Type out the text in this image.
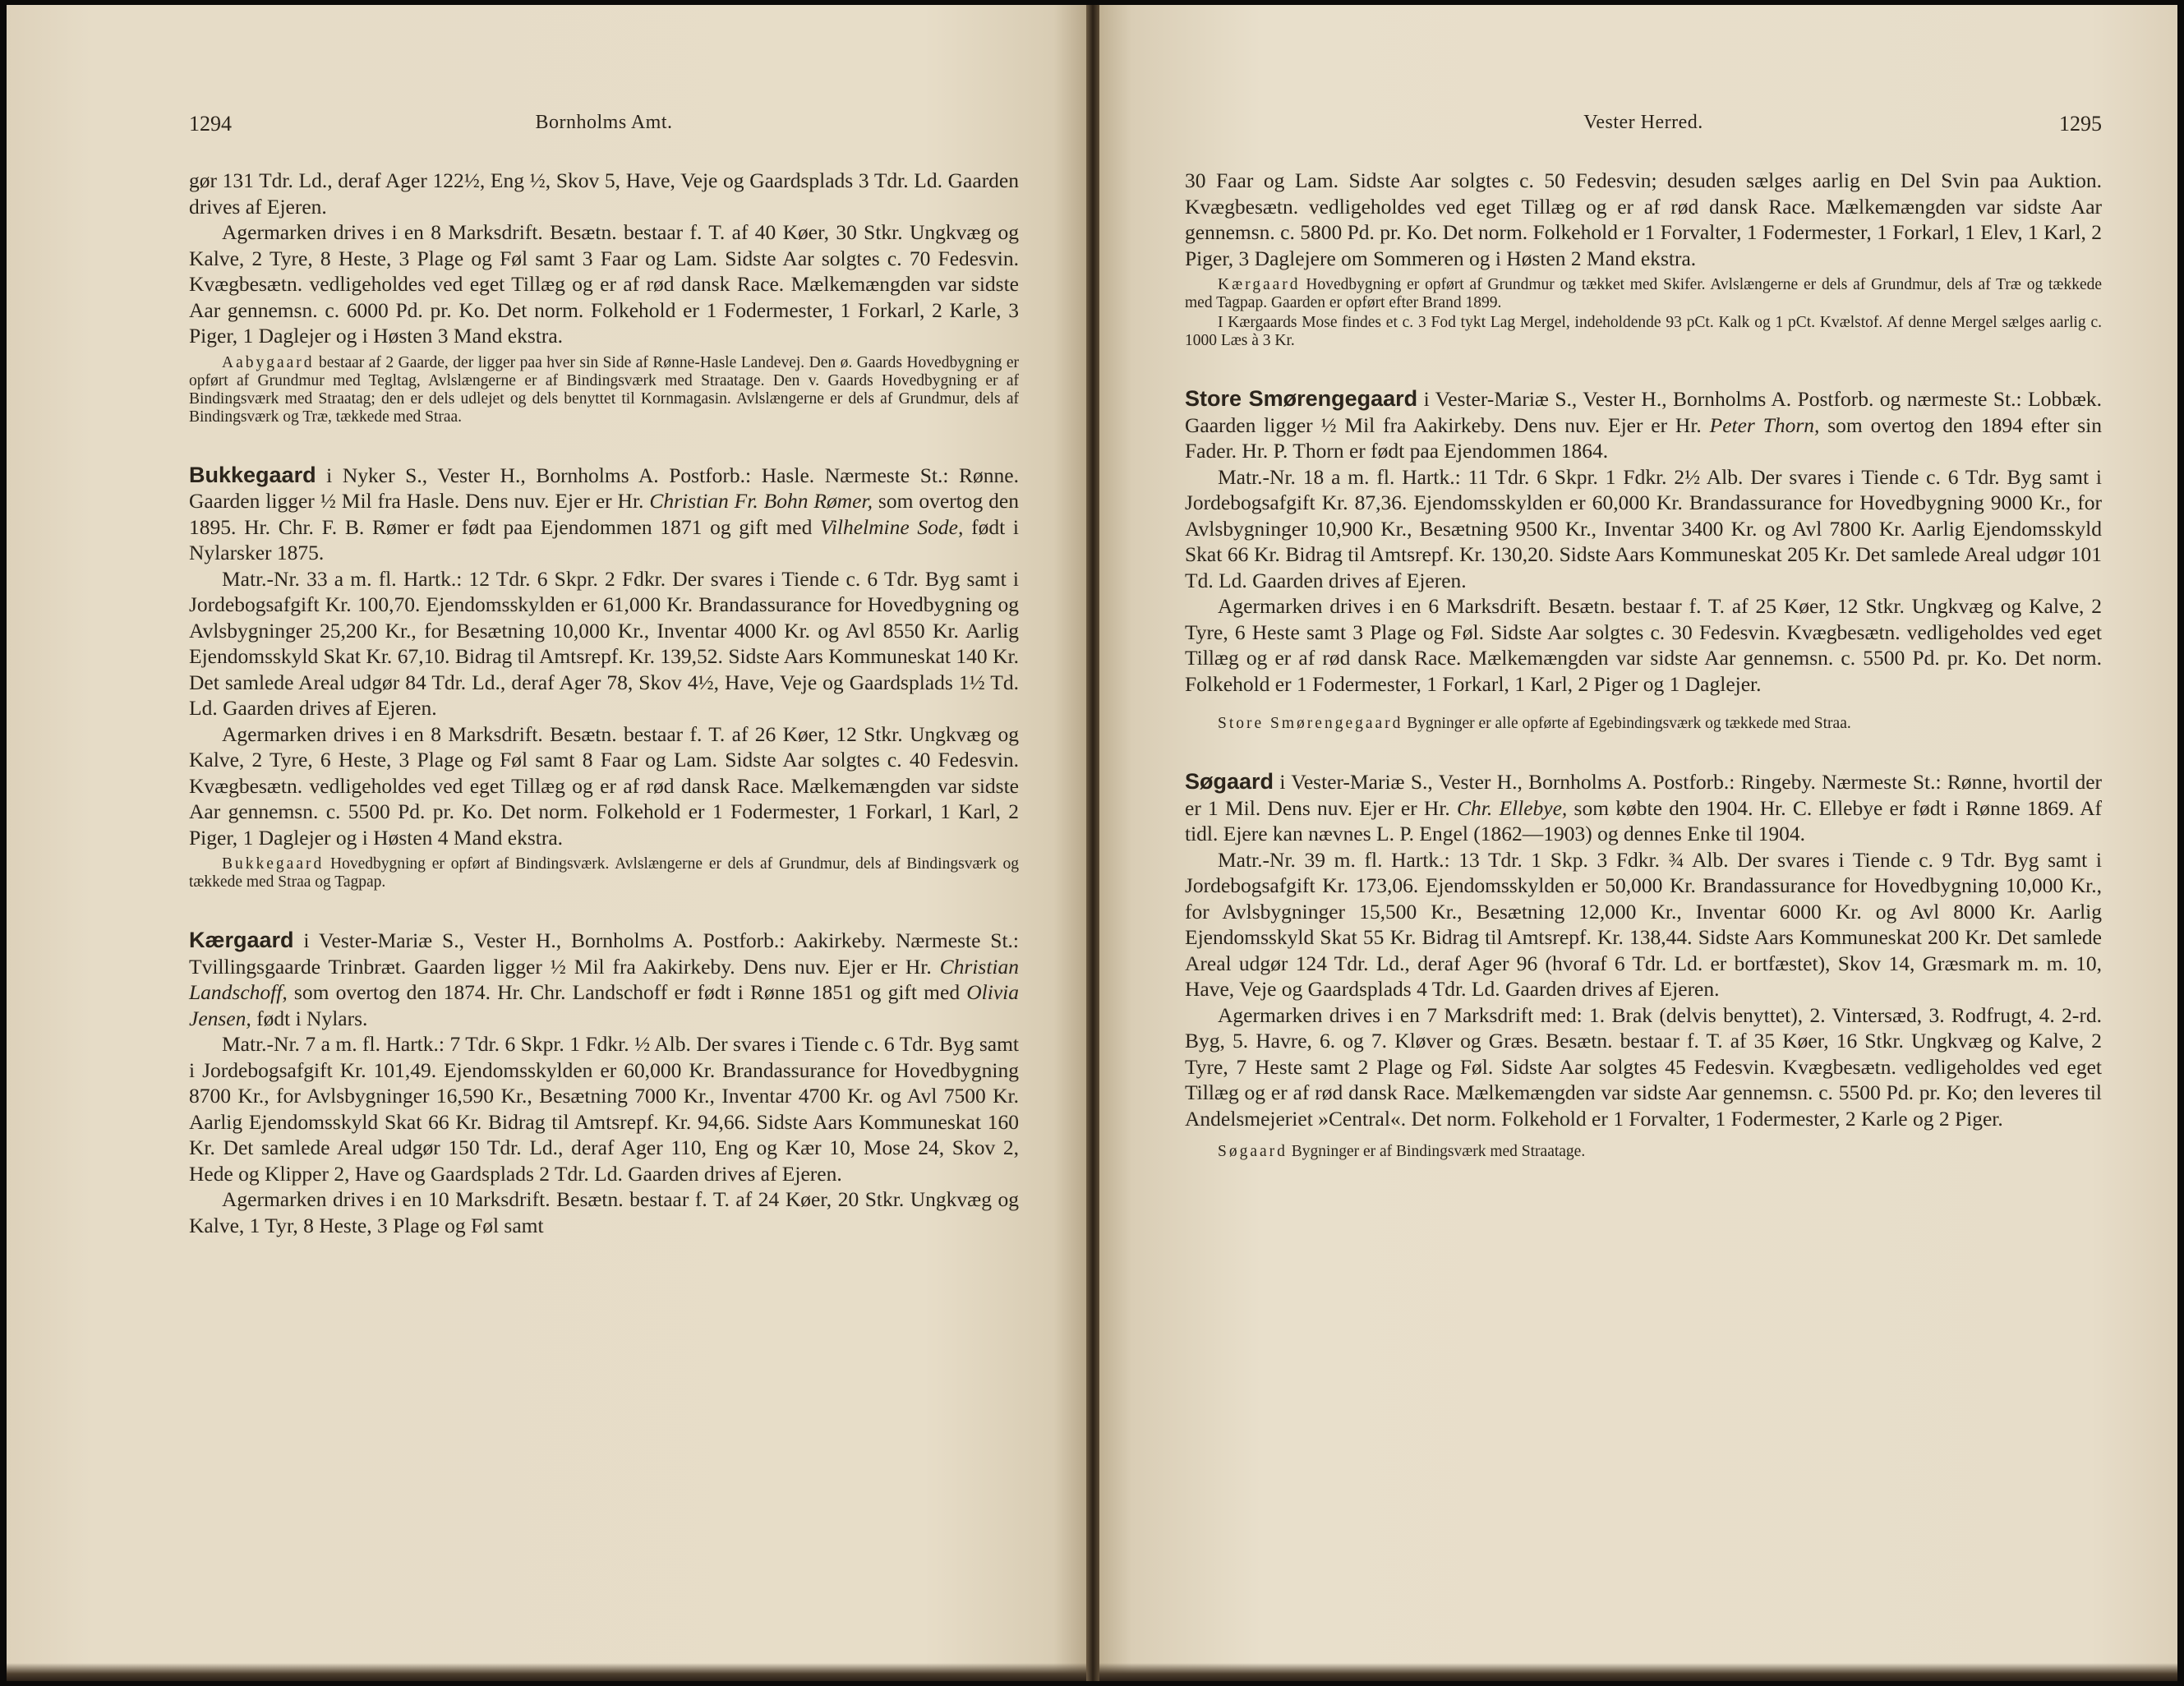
1294	Bornholms Amt.

gør 131 Tdr. Ld., deraf Ager 122½, Eng ½, Skov 5, Have, Veje og Gaardsplads 3 Tdr. Ld. Gaarden drives af Ejeren.

Agermarken drives i en 8 Marksdrift. Besætn. bestaar f. T. af 40 Køer, 30 Stkr. Ungkvæg og Kalve, 2 Tyre, 8 Heste, 3 Plage og Føl samt 3 Faar og Lam. Sidste Aar solgtes c. 70 Fedesvin. Kvægbesætn. vedligeholdes ved eget Tillæg og er af rød dansk Race. Mælkemængden var sidste Aar gennemsn. c. 6000 Pd. pr. Ko. Det norm. Folkehold er 1 Fodermester, 1 Forkarl, 2 Karle, 3 Piger, 1 Daglejer og i Høsten 3 Mand ekstra.

Aabygaard bestaar af 2 Gaarde, der ligger paa hver sin Side af Rønne-Hasle Landevej. Den ø. Gaards Hovedbygning er opført af Grundmur med Tegltag, Avlslængerne er af Bindingsværk med Straatage. Den v. Gaards Hovedbygning er af Bindingsværk med Straatag; den er dels udlejet og dels benyttet til Kornmagasin. Avlslængerne er dels af Grundmur, dels af Bindingsværk og Træ, tækkede med Straa.

Bukkegaard i Nyker S., Vester H., Bornholms A. Postforb.: Hasle. Nærmeste St.: Rønne. Gaarden ligger ½ Mil fra Hasle. Dens nuv. Ejer er Hr. Christian Fr. Bohn Rømer, som overtog den 1895. Hr. Chr. F. B. Rømer er født paa Ejendommen 1871 og gift med Vilhelmine Sode, født i Nylarsker 1875.

Matr.-Nr. 33 a m. fl. Hartk.: 12 Tdr. 6 Skpr. 2 Fdkr. Der svares i Tiende c. 6 Tdr. Byg samt i Jordebogsafgift Kr. 100,70. Ejendomsskylden er 61,000 Kr. Brandassurance for Hovedbygning og Avlsbygninger 25,200 Kr., for Besætning 10,000 Kr., Inventar 4000 Kr. og Avl 8550 Kr. Aarlig Ejendomsskyld Skat Kr. 67,10. Bidrag til Amtsrepf. Kr. 139,52. Sidste Aars Kommuneskat 140 Kr. Det samlede Areal udgør 84 Tdr. Ld., deraf Ager 78, Skov 4½, Have, Veje og Gaardsplads 1½ Td. Ld. Gaarden drives af Ejeren.

Agermarken drives i en 8 Marksdrift. Besætn. bestaar f. T. af 26 Køer, 12 Stkr. Ungkvæg og Kalve, 2 Tyre, 6 Heste, 3 Plage og Føl samt 8 Faar og Lam. Sidste Aar solgtes c. 40 Fedesvin. Kvægbesætn. vedligeholdes ved eget Tillæg og er af rød dansk Race. Mælkemængden var sidste Aar gennemsn. c. 5500 Pd. pr. Ko. Det norm. Folkehold er 1 Fodermester, 1 Forkarl, 1 Karl, 2 Piger, 1 Daglejer og i Høsten 4 Mand ekstra.

Bukkegaard Hovedbygning er opført af Bindingsværk. Avlslængerne er dels af Grundmur, dels af Bindingsværk og tækkede med Straa og Tagpap.

Kærgaard i Vester-Mariæ S., Vester H., Bornholms A. Postforb.: Aakirkeby. Nærmeste St.: Tvillingsgaarde Trinbræt. Gaarden ligger ½ Mil fra Aakirkeby. Dens nuv. Ejer er Hr. Christian Landschoff, som overtog den 1874. Hr. Chr. Landschoff er født i Rønne 1851 og gift med Olivia Jensen, født i Nylars.

Matr.-Nr. 7 a m. fl. Hartk.: 7 Tdr. 6 Skpr. 1 Fdkr. ½ Alb. Der svares i Tiende c. 6 Tdr. Byg samt i Jordebogsafgift Kr. 101,49. Ejendomsskylden er 60,000 Kr. Brandassurance for Hovedbygning 8700 Kr., for Avlsbygninger 16,590 Kr., Besætning 7000 Kr., Inventar 4700 Kr. og Avl 7500 Kr. Aarlig Ejendomsskyld Skat 66 Kr. Bidrag til Amtsrepf. Kr. 94,66. Sidste Aars Kommuneskat 160 Kr. Det samlede Areal udgør 150 Tdr. Ld., deraf Ager 110, Eng og Kær 10, Mose 24, Skov 2, Hede og Klipper 2, Have og Gaardsplads 2 Tdr. Ld. Gaarden drives af Ejeren.

Agermarken drives i en 10 Marksdrift. Besætn. bestaar f. T. af 24 Køer, 20 Stkr. Ungkvæg og Kalve, 1 Tyr, 8 Heste, 3 Plage og Føl samt

Vester Herred.	1295

30 Faar og Lam. Sidste Aar solgtes c. 50 Fedesvin; desuden sælges aarlig en Del Svin paa Auktion. Kvægbesætn. vedligeholdes ved eget Tillæg og er af rød dansk Race. Mælkemængden var sidste Aar gennemsn. c. 5800 Pd. pr. Ko. Det norm. Folkehold er 1 Forvalter, 1 Fodermester, 1 Forkarl, 1 Elev, 1 Karl, 2 Piger, 3 Daglejere om Sommeren og i Høsten 2 Mand ekstra.

Kærgaard Hovedbygning er opført af Grundmur og tækket med Skifer. Avlslængerne er dels af Grundmur, dels af Træ og tækkede med Tagpap. Gaarden er opført efter Brand 1899.

I Kærgaards Mose findes et c. 3 Fod tykt Lag Mergel, indeholdende 93 pCt. Kalk og 1 pCt. Kvælstof. Af denne Mergel sælges aarlig c. 1000 Læs à 3 Kr.

Store Smørengegaard i Vester-Mariæ S., Vester H., Bornholms A. Postforb. og nærmeste St.: Lobbæk. Gaarden ligger ½ Mil fra Aakirkeby. Dens nuv. Ejer er Hr. Peter Thorn, som overtog den 1894 efter sin Fader. Hr. P. Thorn er født paa Ejendommen 1864.

Matr.-Nr. 18 a m. fl. Hartk.: 11 Tdr. 6 Skpr. 1 Fdkr. 2½ Alb. Der svares i Tiende c. 6 Tdr. Byg samt i Jordebogsafgift Kr. 87,36. Ejendomsskylden er 60,000 Kr. Brandassurance for Hovedbygning 9000 Kr., for Avlsbygninger 10,900 Kr., Besætning 9500 Kr., Inventar 3400 Kr. og Avl 7800 Kr. Aarlig Ejendomsskyld Skat 66 Kr. Bidrag til Amtsrepf. Kr. 130,20. Sidste Aars Kommuneskat 205 Kr. Det samlede Areal udgør 101 Td. Ld. Gaarden drives af Ejeren.

Agermarken drives i en 6 Marksdrift. Besætn. bestaar f. T. af 25 Køer, 12 Stkr. Ungkvæg og Kalve, 2 Tyre, 6 Heste samt 3 Plage og Føl. Sidste Aar solgtes c. 30 Fedesvin. Kvægbesætn. vedligeholdes ved eget Tillæg og er af rød dansk Race. Mælkemængden var sidste Aar gennemsn. c. 5500 Pd. pr. Ko. Det norm. Folkehold er 1 Fodermester, 1 Forkarl, 1 Karl, 2 Piger og 1 Daglejer.

Store Smørengegaard Bygninger er alle opførte af Egebindingsværk og tækkede med Straa.

Søgaard i Vester-Mariæ S., Vester H., Bornholms A. Postforb.: Ringeby. Nærmeste St.: Rønne, hvortil der er 1 Mil. Dens nuv. Ejer er Hr. Chr. Ellebye, som købte den 1904. Hr. C. Ellebye er født i Rønne 1869. Af tidl. Ejere kan nævnes L. P. Engel (1862—1903) og dennes Enke til 1904.

Matr.-Nr. 39 m. fl. Hartk.: 13 Tdr. 1 Skp. 3 Fdkr. ¾ Alb. Der svares i Tiende c. 9 Tdr. Byg samt i Jordebogsafgift Kr. 173,06. Ejendomsskylden er 50,000 Kr. Brandassurance for Hovedbygning 10,000 Kr., for Avlsbygninger 15,500 Kr., Besætning 12,000 Kr., Inventar 6000 Kr. og Avl 8000 Kr. Aarlig Ejendomsskyld Skat 55 Kr. Bidrag til Amtsrepf. Kr. 138,44. Sidste Aars Kommuneskat 200 Kr. Det samlede Areal udgør 124 Tdr. Ld., deraf Ager 96 (hvoraf 6 Tdr. Ld. er bortfæstet), Skov 14, Græsmark m. m. 10, Have, Veje og Gaardsplads 4 Tdr. Ld. Gaarden drives af Ejeren.

Agermarken drives i en 7 Marksdrift med: 1. Brak (delvis benyttet), 2. Vintersæd, 3. Rodfrugt, 4. 2-rd. Byg, 5. Havre, 6. og 7. Kløver og Græs. Besætn. bestaar f. T. af 35 Køer, 16 Stkr. Ungkvæg og Kalve, 2 Tyre, 7 Heste samt 2 Plage og Føl. Sidste Aar solgtes 45 Fedesvin. Kvægbesætn. vedligeholdes ved eget Tillæg og er af rød dansk Race. Mælkemængden var sidste Aar gennemsn. c. 5500 Pd. pr. Ko; den leveres til Andelsmejeriet »Central«. Det norm. Folkehold er 1 Forvalter, 1 Fodermester, 2 Karle og 2 Piger.

Søgaard Bygninger er af Bindingsværk med Straatage.
